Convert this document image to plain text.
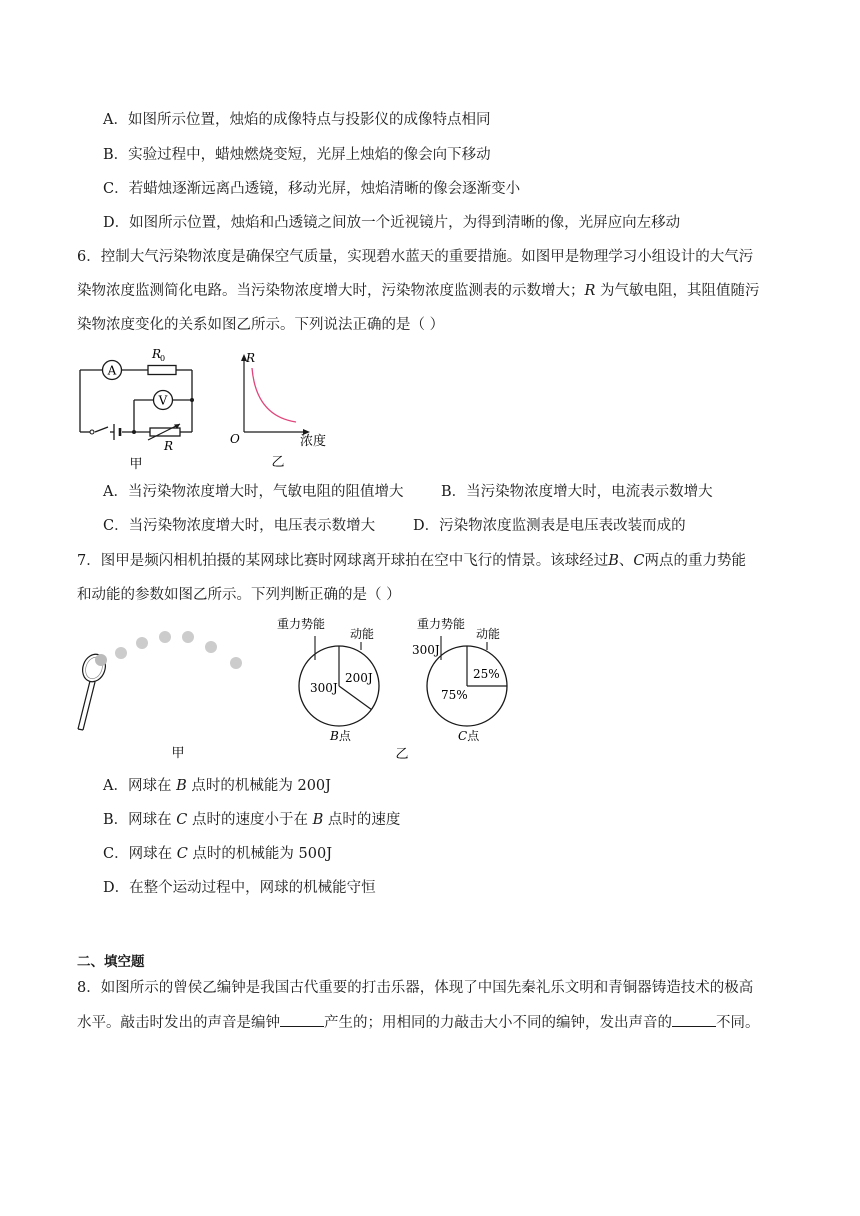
A．如图所示位置，烛焰的成像特点与投影仪的成像特点相同
B．实验过程中，蜡烛燃烧变短，光屏上烛焰的像会向下移动
C．若蜡烛逐渐远离凸透镜，移动光屏，烛焰清晰的像会逐渐变小
D．如图所示位置，烛焰和凸透镜之间放一个近视镜片，为得到清晰的像，光屏应向左移动
6．控制大气污染物浓度是确保空气质量，实现碧水蓝天的重要措施。如图甲是物理学习小组设计的大气污
染物浓度监测简化电路。当污染物浓度增大时，污染物浓度监测表的示数增大；R 为气敏电阻，其阻值随污
染物浓度变化的关系如图乙所示。下列说法正确的是（ ）
A
R
0
V
R
甲
R
O	浓度
乙
A．当污染物浓度增大时，气敏电阻的阻值增大	B．当污染物浓度增大时，电流表示数增大
C．当污染物浓度增大时，电压表示数增大	D．污染物浓度监测表是电压表改装而成的
7．图甲是频闪相机拍摄的某网球比赛时网球离开球拍在空中飞行的情景。该球经过B、C两点的重力势能
和动能的参数如图乙所示。下列判断正确的是（ ）
甲
重力势能
动能
300J
200J
B点
乙
重力势能
动能
300J
25%
75%
C点
A．网球在 B 点时的机械能为 200J
B．网球在 C 点时的速度小于在 B 点时的速度
C．网球在 C 点时的机械能为 500J
D．在整个运动过程中，网球的机械能守恒
二、填空题
8．如图所示的曾侯乙编钟是我国古代重要的打击乐器，体现了中国先秦礼乐文明和青铜器铸造技术的极高
水平。敲击时发出的声音是编钟	产生的；用相同的力敲击大小不同的编钟，发出声音的	不同。
